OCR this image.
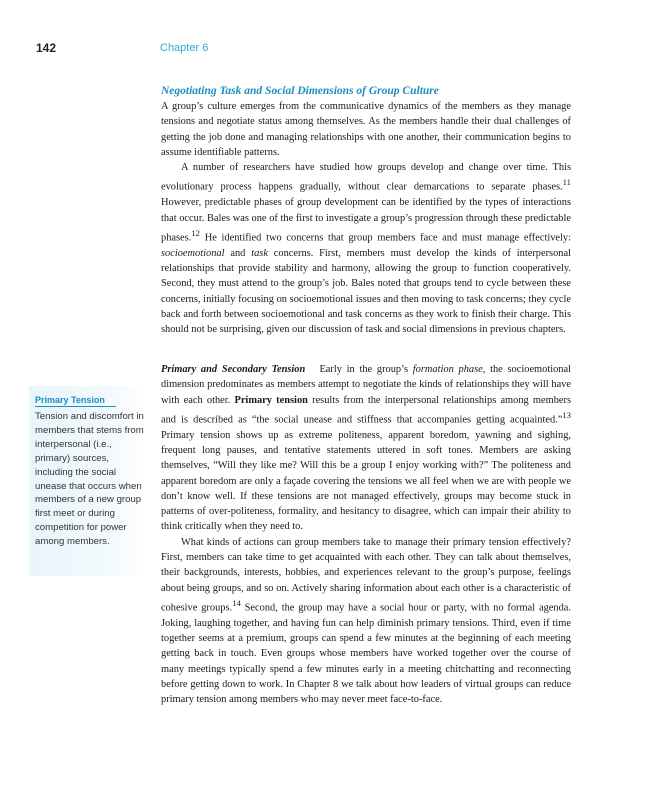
142	Chapter 6
Negotiating Task and Social Dimensions of Group Culture

A group’s culture emerges from the communicative dynamics of the members as they manage tensions and negotiate status among themselves. As the members handle their dual challenges of getting the job done and managing relationships with one another, their communication begins to assume identifiable patterns.

A number of researchers have studied how groups develop and change over time. This evolutionary process happens gradually, without clear demarcations to separate phases.$^{11}$ However, predictable phases of group development can be identified by the types of interactions that occur. Bales was one of the first to investigate a group’s progression through these predictable phases.$^{12}$ He identified two concerns that group members face and must manage effectively: socioemotional and task concerns. First, members must develop the kinds of interpersonal relationships that provide stability and harmony, allowing the group to function cooperatively. Second, they must attend to the group’s job. Bales noted that groups tend to cycle between these concerns, initially focusing on socioemotional issues and then moving to task concerns; they cycle back and forth between socioemotional and task concerns as they work to finish their charge. This should not be surprising, given our discussion of task and social dimensions in previous chapters.

Primary Tension
Tension and discomfort in members that stems from interpersonal (i.e., primary) sources, including the social unease that occurs when members of a new group first meet or during competition for power among members.

Primary and Secondary Tension Early in the group’s formation phase, the socioemotional dimension predominates as members attempt to negotiate the kinds of relationships they will have with each other. Primary tension results from the interpersonal relationships among members and is described as “the social unease and stiffness that accompanies getting acquainted.”$^{13}$ Primary tension shows up as extreme politeness, apparent boredom, yawning and sighing, frequent long pauses, and tentative statements uttered in soft tones. Members are asking themselves, “Will they like me? Will this be a group I enjoy working with?” The politeness and apparent boredom are only a façade covering the tensions we all feel when we are with people we don’t know well. If these tensions are not managed effectively, groups may become stuck in patterns of over-politeness, formality, and hesitancy to disagree, which can impair their ability to think critically when they need to.

What kinds of actions can group members take to manage their primary tension effectively? First, members can take time to get acquainted with each other. They can talk about themselves, their backgrounds, interests, hobbies, and experiences relevant to the group’s purpose, feelings about being groups, and so on. Actively sharing information about each other is a characteristic of cohesive groups.$^{14}$ Second, the group may have a social hour or party, with no formal agenda. Joking, laughing together, and having fun can help diminish primary tensions. Third, even if time together seems at a premium, groups can spend a few minutes at the beginning of each meeting getting back in touch. Even groups whose members have worked together over the course of many meetings typically spend a few minutes early in a meeting chitchatting and reconnecting before getting down to work. In Chapter 8 we talk about how leaders of virtual groups can reduce primary tension among members who may never meet face-to-face.
